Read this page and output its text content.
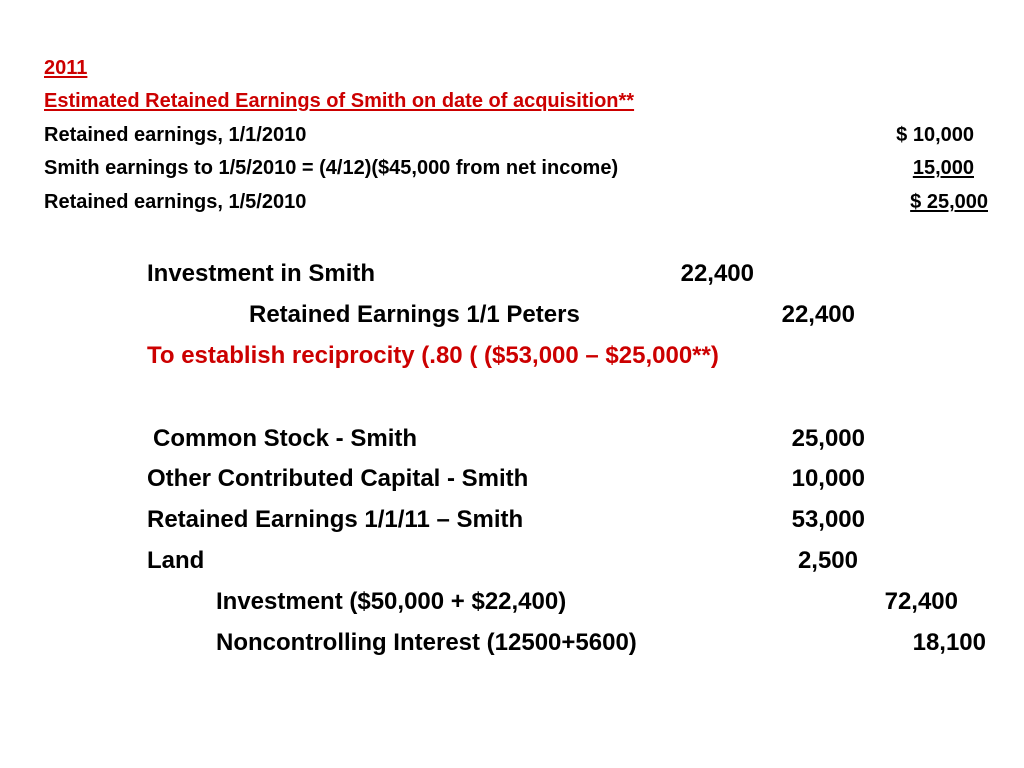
2011
Estimated Retained Earnings of Smith on date of acquisition**
Retained earnings, 1/1/2010	$ 10,000
Smith earnings to 1/5/2010 = (4/12)($45,000 from net income)	15,000
Retained earnings, 1/5/2010	$ 25,000
Investment in Smith	22,400
Retained Earnings 1/1 Peters	22,400
To establish reciprocity (.80 ( ($53,000 – $25,000**)
Common Stock - Smith	25,000
Other Contributed Capital - Smith	10,000
Retained Earnings 1/1/11 – Smith	53,000
Land	2,500
Investment ($50,000 + $22,400)	72,400
Noncontrolling Interest (12500+5600)	18,100
